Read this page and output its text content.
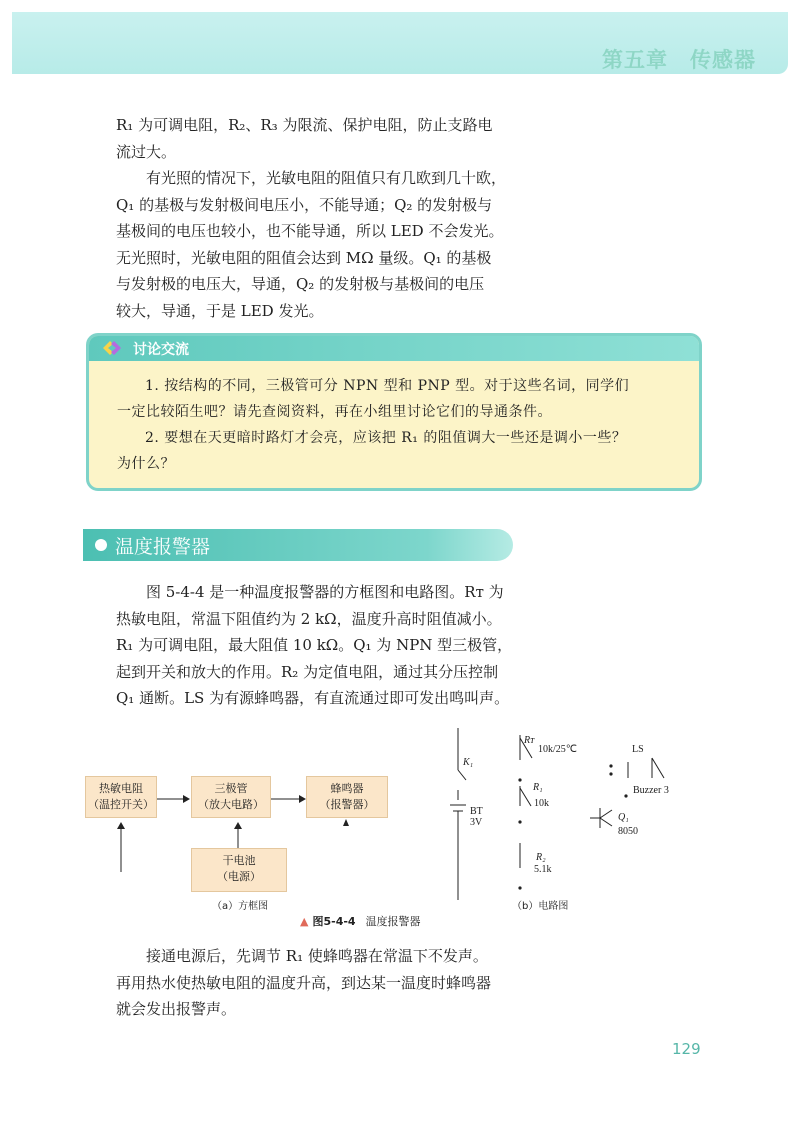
第五章 传感器
R₁ 为可调电阻，R₂、R₃ 为限流、保护电阻，防止支路电
流过大。
有光照的情况下，光敏电阻的阻值只有几欧到几十欧，
Q₁ 的基极与发射极间电压小，不能导通；Q₂ 的发射极与
基极间的电压也较小，也不能导通，所以 LED 不会发光。
无光照时，光敏电阻的阻值会达到 MΩ 量级。Q₁ 的基极
与发射极的电压大，导通，Q₂ 的发射极与基极间的电压
较大，导通，于是 LED 发光。
讨论交流

1. 按结构的不同，三极管可分 NPN 型和 PNP 型。对于这些名词，同学们

一定比较陌生吧？请先查阅资料，再在小组里讨论它们的导通条件。

2. 要想在天更暗时路灯才会亮，应该把 R₁ 的阻值调大一些还是调小一些？

为什么？

温度报警器
图 5-4-4 是一种温度报警器的方框图和电路图。Rᴛ 为
热敏电阻，常温下阻值约为 2 kΩ，温度升高时阻值减小。
R₁ 为可调电阻，最大阻值 10 kΩ。Q₁ 为 NPN 型三极管，
起到开关和放大的作用。R₂ 为定值电阻，通过其分压控制
Q₁ 通断。LS 为有源蜂鸣器，有直流通过即可发出鸣叫声。
热敏电阻
（温控开关）
三极管
（放大电路）
蜂鸣器
（报警器）
干电池
（电源）
（a）方框图
Rᴛ
10k/25℃
K₁
R₁
10k
BT
3V
R₂
5.1k
LS
Buzzer 3
Q₁
8050
（b）电路图
▲ 图5-4-4 温度报警器
接通电源后，先调节 R₁ 使蜂鸣器在常温下不发声。
再用热水使热敏电阻的温度升高，到达某一温度时蜂鸣器
就会发出报警声。
129
